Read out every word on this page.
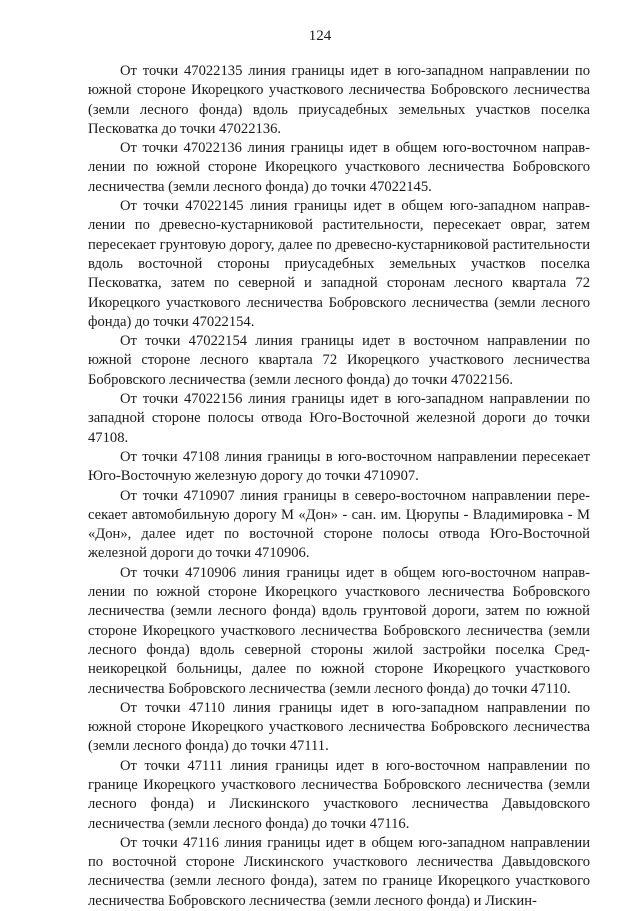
124

От точки 47022135 линия границы идет в юго-западном направлении по южной стороне Икорецкого участкового лесничества Бобровского лесничества (земли лесного фонда) вдоль приусадебных земельных участков поселка Песковатка до точки 47022136.

От точки 47022136 линия границы идет в общем юго-восточном направлении по южной стороне Икорецкого участкового лесничества Бобровского лесничества (земли лесного фонда) до точки 47022145.

От точки 47022145 линия границы идет в общем юго-западном направлении по древесно-кустарниковой растительности, пересекает овраг, затем пересекает грунтовую дорогу, далее по древесно-кустарниковой растительности вдоль восточной стороны приусадебных земельных участков поселка Песковатка, затем по северной и западной сторонам лесного квартала 72 Икорецкого участкового лесничества Бобровского лесничества (земли лесного фонда) до точки 47022154.

От точки 47022154 линия границы идет в восточном направлении по южной стороне лесного квартала 72 Икорецкого участкового лесничества Бобровского лесничества (земли лесного фонда) до точки 47022156.

От точки 47022156 линия границы идет в юго-западном направлении по западной стороне полосы отвода Юго-Восточной железной дороги до точки 47108.

От точки 47108 линия границы в юго-восточном направлении пересекает Юго-Восточную железную дорогу до точки 4710907.

От точки 4710907 линия границы в северо-восточном направлении пересекает автомобильную дорогу М «Дон» - сан. им. Цюрупы - Владимировка - М «Дон», далее идет по восточной стороне полосы отвода Юго-Восточной железной дороги до точки 4710906.

От точки 4710906 линия границы идет в общем юго-восточном направлении по южной стороне Икорецкого участкового лесничества Бобровского лесничества (земли лесного фонда) вдоль грунтовой дороги, затем по южной стороне Икорецкого участкового лесничества Бобровского лесничества (земли лесного фонда) вдоль северной стороны жилой застройки поселка Среднеикорецкой больницы, далее по южной стороне Икорецкого участкового лесничества Бобровского лесничества (земли лесного фонда) до точки 47110.

От точки 47110 линия границы идет в юго-западном направлении по южной стороне Икорецкого участкового лесничества Бобровского лесничества (земли лесного фонда) до точки 47111.

От точки 47111 линия границы идет в юго-восточном направлении по границе Икорецкого участкового лесничества Бобровского лесничества (земли лесного фонда) и Лискинского участкового лесничества Давыдовского лесничества (земли лесного фонда) до точки 47116.

От точки 47116 линия границы идет в общем юго-западном направлении по восточной стороне Лискинского участкового лесничества Давыдовского лесничества (земли лесного фонда), затем по границе Икорецкого участкового лесничества Бобровского лесничества (земли лесного фонда) и Лискин-
